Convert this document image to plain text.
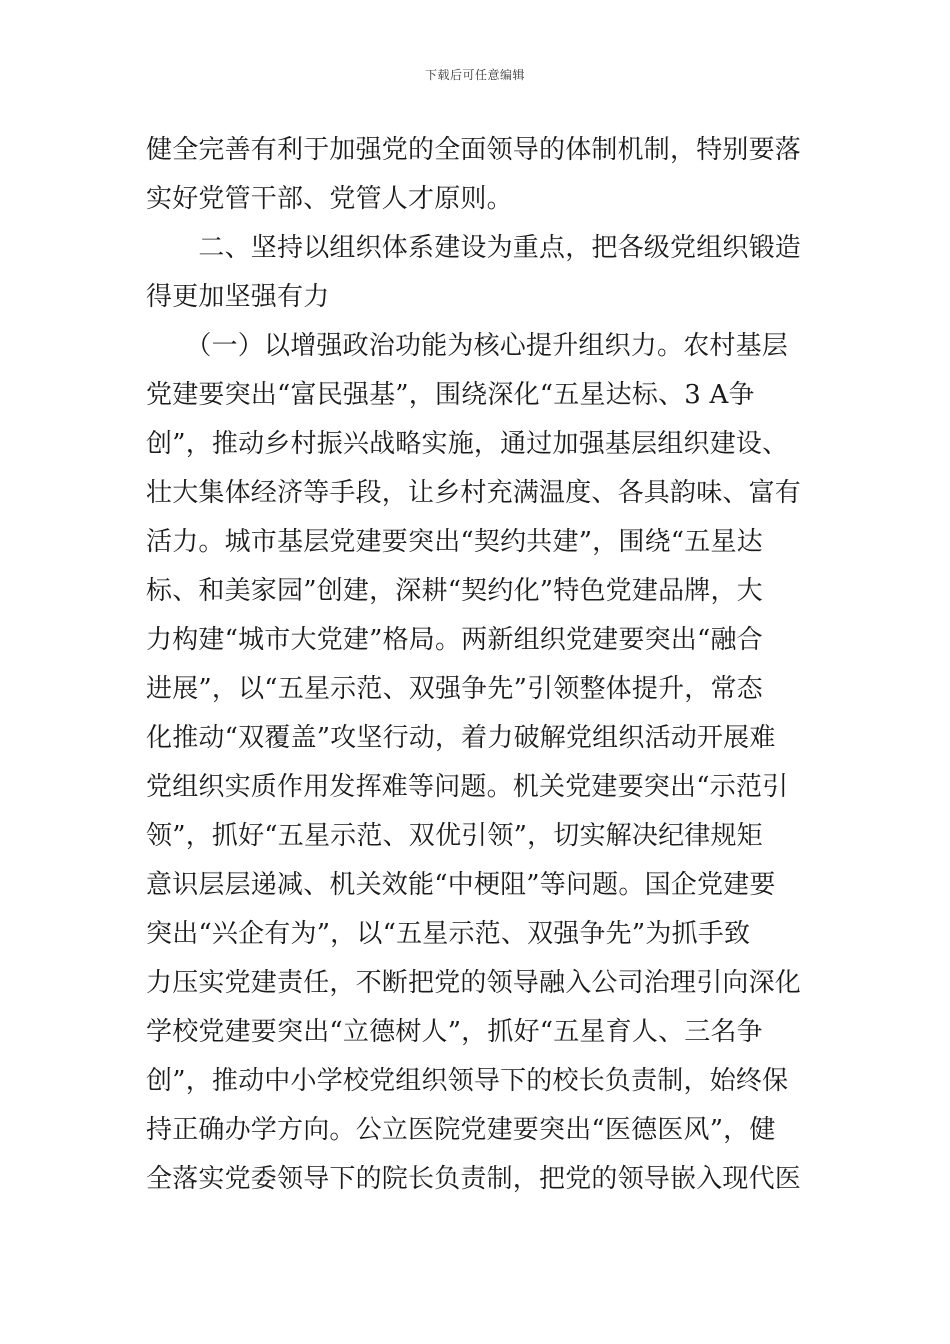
下载后可任意编辑
健全完善有利于加强党的全面领导的体制机制，特别要落
实好党管干部、党管人才原则。
　　二、坚持以组织体系建设为重点，把各级党组织锻造
得更加坚强有力
　　（一）以增强政治功能为核心提升组织力。农村基层
党建要突出“富民强基”，围绕深化“五星达标、3 A争
创”，推动乡村振兴战略实施，通过加强基层组织建设、
壮大集体经济等手段，让乡村充满温度、各具韵味、富有
活力。城市基层党建要突出“契约共建”，围绕“五星达
标、和美家园”创建，深耕“契约化”特色党建品牌，大
力构建“城市大党建”格局。两新组织党建要突出“融合
进展”，以“五星示范、双强争先”引领整体提升，常态
化推动“双覆盖”攻坚行动，着力破解党组织活动开展难
党组织实质作用发挥难等问题。机关党建要突出“示范引
领”，抓好“五星示范、双优引领”，切实解决纪律规矩
意识层层递减、机关效能“中梗阻”等问题。国企党建要
突出“兴企有为”，以“五星示范、双强争先”为抓手致
力压实党建责任，不断把党的领导融入公司治理引向深化
学校党建要突出“立德树人”，抓好“五星育人、三名争
创”，推动中小学校党组织领导下的校长负责制，始终保
持正确办学方向。公立医院党建要突出“医德医风”，健
全落实党委领导下的院长负责制，把党的领导嵌入现代医
